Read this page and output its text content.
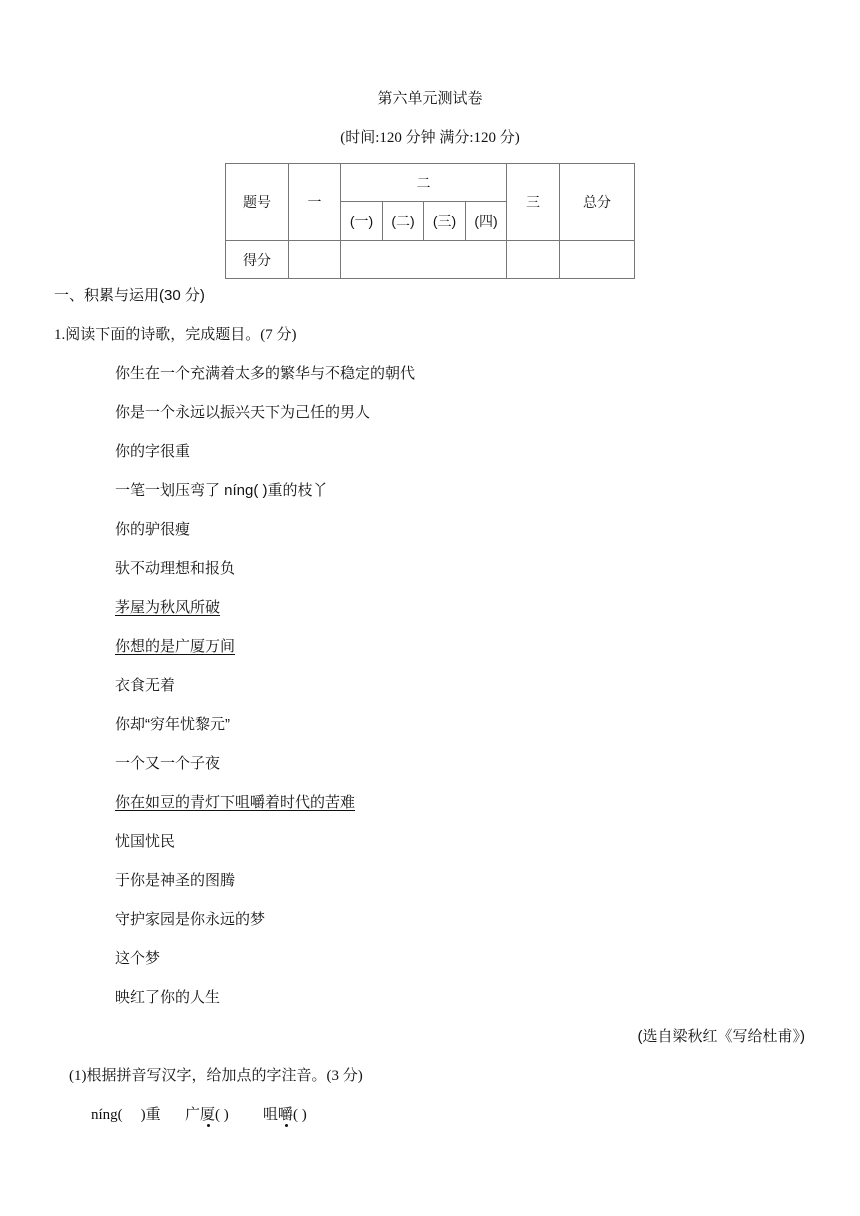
第六单元测试卷
(时间:120 分钟 满分:120 分)
题号	一	二				三	总分
		(一)	(二)	(三)	(四)		
得分							
一、积累与运用(30 分)
1.阅读下面的诗歌，完成题目。(7 分)
你生在一个充满着太多的繁华与不稳定的朝代
你是一个永远以振兴天下为己任的男人
你的字很重
一笔一划压弯了 níng( )重的枝丫
你的驴很瘦
驮不动理想和报负
茅屋为秋风所破
你想的是广厦万间
衣食无着
你却“穷年忧黎元”
一个又一个子夜
你在如豆的青灯下咀嚼着时代的苦难
忧国忧民
于你是神圣的图腾
守护家园是你永远的梦
这个梦
映红了你的人生
(选自梁秋红《写给杜甫》)
(1)根据拼音写汉字，给加点的字注音。(3 分)
níng( )重 广厦( ) 咀嚼( )
